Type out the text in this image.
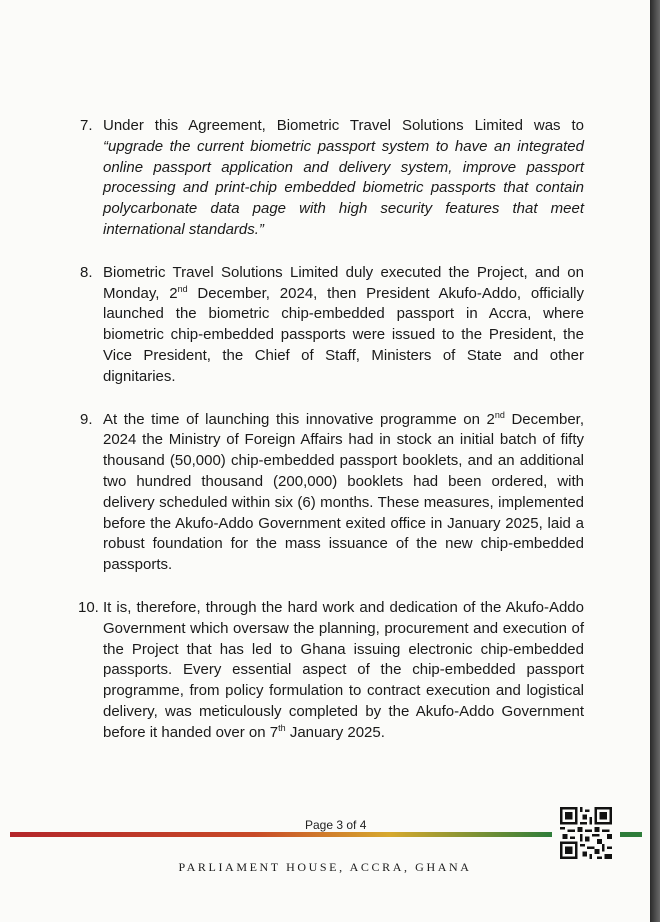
7. Under this Agreement, Biometric Travel Solutions Limited was to “upgrade the current biometric passport system to have an integrated online passport application and delivery system, improve passport processing and print-chip embedded biometric passports that contain polycarbonate data page with high security features that meet international standards.”
8. Biometric Travel Solutions Limited duly executed the Project, and on Monday, 2nd December, 2024, then President Akufo-Addo, officially launched the biometric chip-embedded passport in Accra, where biometric chip-embedded passports were issued to the President, the Vice President, the Chief of Staff, Ministers of State and other dignitaries.
9. At the time of launching this innovative programme on 2nd December, 2024 the Ministry of Foreign Affairs had in stock an initial batch of fifty thousand (50,000) chip-embedded passport booklets, and an additional two hundred thousand (200,000) booklets had been ordered, with delivery scheduled within six (6) months. These measures, implemented before the Akufo-Addo Government exited office in January 2025, laid a robust foundation for the mass issuance of the new chip-embedded passports.
10. It is, therefore, through the hard work and dedication of the Akufo-Addo Government which oversaw the planning, procurement and execution of the Project that has led to Ghana issuing electronic chip-embedded passports. Every essential aspect of the chip-embedded passport programme, from policy formulation to contract execution and logistical delivery, was meticulously completed by the Akufo-Addo Government before it handed over on 7th January 2025.
Page 3 of 4
PARLIAMENT HOUSE, ACCRA, GHANA
